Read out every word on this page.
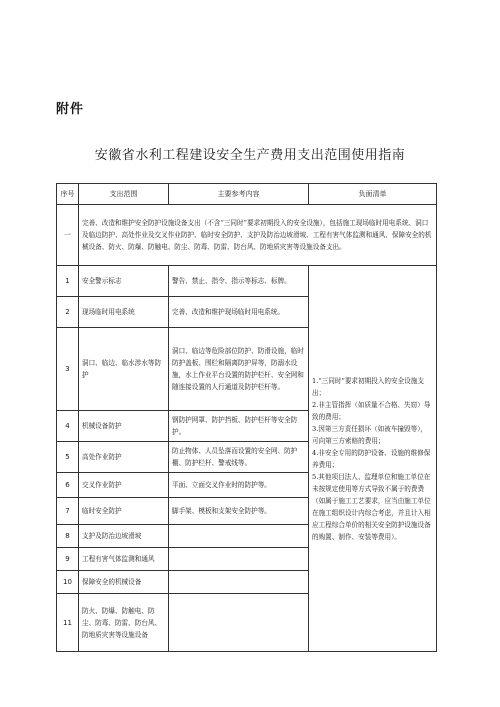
附件
安徽省水利工程建设安全生产费用支出范围使用指南
序号	支出范围	主要参考内容	负面清单
一	完善、改造和维护安全防护设施设备支出（不含“三同时”要求初期投入的安全设施），包括施工现场临时用电系统、洞口及临边防护、高处作业及交叉作业防护、临时安全防护、支护及防治边坡滑坡、工程有害气体监测和通风、保障安全的机械设备、防火、防爆、防触电、防尘、防毒、防雷、防台风、防地质灾害等设施设备支出。		
1	安全警示标志	警告、禁止、指令、指示等标志、标牌。	1.“三同时”要求初期投入的安全设施支出；
2.非主管指挥（如质量不合格、失窃）导致的费用；
3.因第三方责任损坏（如被车撞毁等），可向第三方索赔的费用；
4.非安全专用的防护设备、设施的维修保养费用；
5.其他项目法人、监理单位和施工单位在未按规定使用等方式导致不属于的费费（如属于施工工艺要求，应当由施工单位在施工组织设计内综合考虑，并且计入相应工程综合单价的相关安全防护设施设备的购置、制作、安装等费用）。

2	现场临时用电系统	完善、改造和维护现场临时用电系统。	
3	洞口、临边、临水涉水等防护	洞口、临边等危险部位防护、防滑设施，临时防护盖板、围栏和隔离防护屏等，防溺水设施，水上作业平台设置的防护栏杆、安全网和随连接设置的人行通道及防护栏杆等。	
4	机械设备防护	钢防护网罩、防护挡板、防护栏杆等安全防护。	
5	高处作业防护	防止物体、人员坠落而设置的安全网、防护棚、防护栏杆、警戒线等。	
6	交叉作业防护	平面、立面交叉作业时的防护等。	
7	临时安全防护	脚手架、模板和支架安全防护等。	
8	支护及防治边坡滑坡		
9	工程有害气体监测和通风		
10	保障安全的机械设备		
11	防火、防爆、防触电、防尘、防毒、防雷、防台风、防地质灾害等设施设备		
